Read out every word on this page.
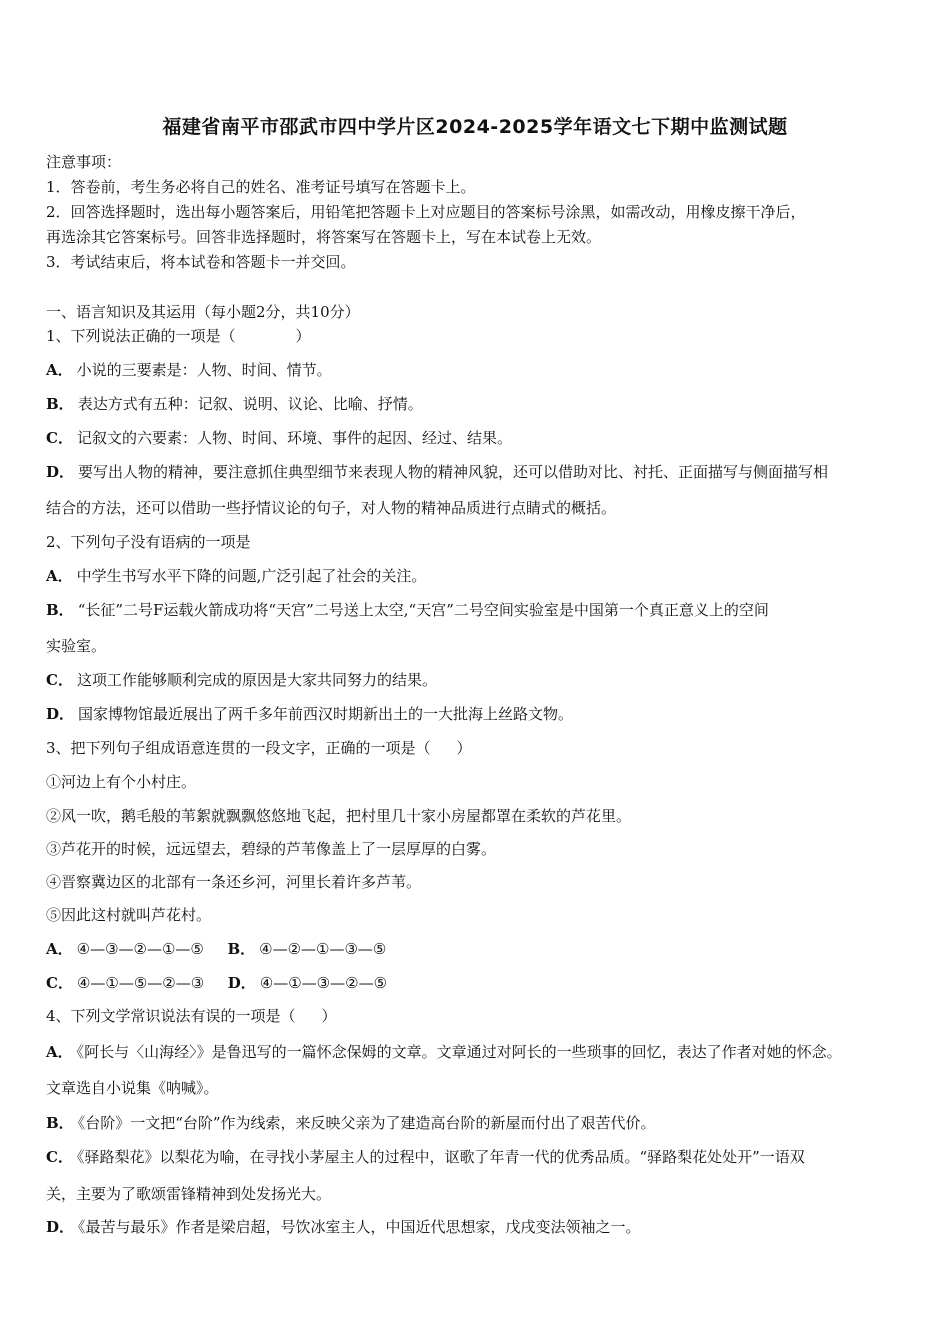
福建省南平市邵武市四中学片区2024-2025学年语文七下期中监测试题
注意事项：
1．答卷前，考生务必将自己的姓名、准考证号填写在答题卡上。
2．回答选择题时，选出每小题答案后，用铅笔把答题卡上对应题目的答案标号涂黑，如需改动，用橡皮擦干净后，
再选涂其它答案标号。回答非选择题时，将答案写在答题卡上，写在本试卷上无效。
3．考试结束后，将本试卷和答题卡一并交回。
一、语言知识及其运用（每小题2分，共10分）
1、下列说法正确的一项是（	）
A． 小说的三要素是：人物、时间、情节。
B． 表达方式有五种：记叙、说明、议论、比喻、抒情。
C． 记叙文的六要素：人物、时间、环境、事件的起因、经过、结果。
D． 要写出人物的精神，要注意抓住典型细节来表现人物的精神风貌，还可以借助对比、衬托、正面描写与侧面描写相
结合的方法，还可以借助一些抒情议论的句子，对人物的精神品质进行点睛式的概括。
2、下列句子没有语病的一项是
A． 中学生书写水平下降的问题,广泛引起了社会的关注。
B． “长征”二号F运载火箭成功将“天宫”二号送上太空,“天宫”二号空间实验室是中国第一个真正意义上的空间
实验室。
C． 这项工作能够顺利完成的原因是大家共同努力的结果。
D． 国家博物馆最近展出了两千多年前西汉时期新出土的一大批海上丝路文物。
3、把下列句子组成语意连贯的一段文字，正确的一项是（ ）
①河边上有个小村庄。
②风一吹，鹅毛般的苇絮就飘飘悠悠地飞起，把村里几十家小房屋都罩在柔软的芦花里。
③芦花开的时候，远远望去，碧绿的芦苇像盖上了一层厚厚的白雾。
④晋察冀边区的北部有一条还乡河，河里长着许多芦苇。
⑤因此这村就叫芦花村。
A． ④—③—②—①—⑤ B． ④—②—①—③—⑤
C． ④—①—⑤—②—③ D． ④—①—③—②—⑤
4、下列文学常识说法有误的一项是（ ）
A． 《阿长与〈山海经〉》是鲁迅写的一篇怀念保姆的文章。文章通过对阿长的一些琐事的回忆，表达了作者对她的怀念。
文章选自小说集《呐喊》。
B． 《台阶》一文把“台阶”作为线索，来反映父亲为了建造高台阶的新屋而付出了艰苦代价。
C． 《驿路梨花》以梨花为喻，在寻找小茅屋主人的过程中，讴歌了年青一代的优秀品质。“驿路梨花处处开”一语双
关，主要为了歌颂雷锋精神到处发扬光大。
D． 《最苦与最乐》作者是梁启超，号饮冰室主人，中国近代思想家，戊戌变法领袖之一。
